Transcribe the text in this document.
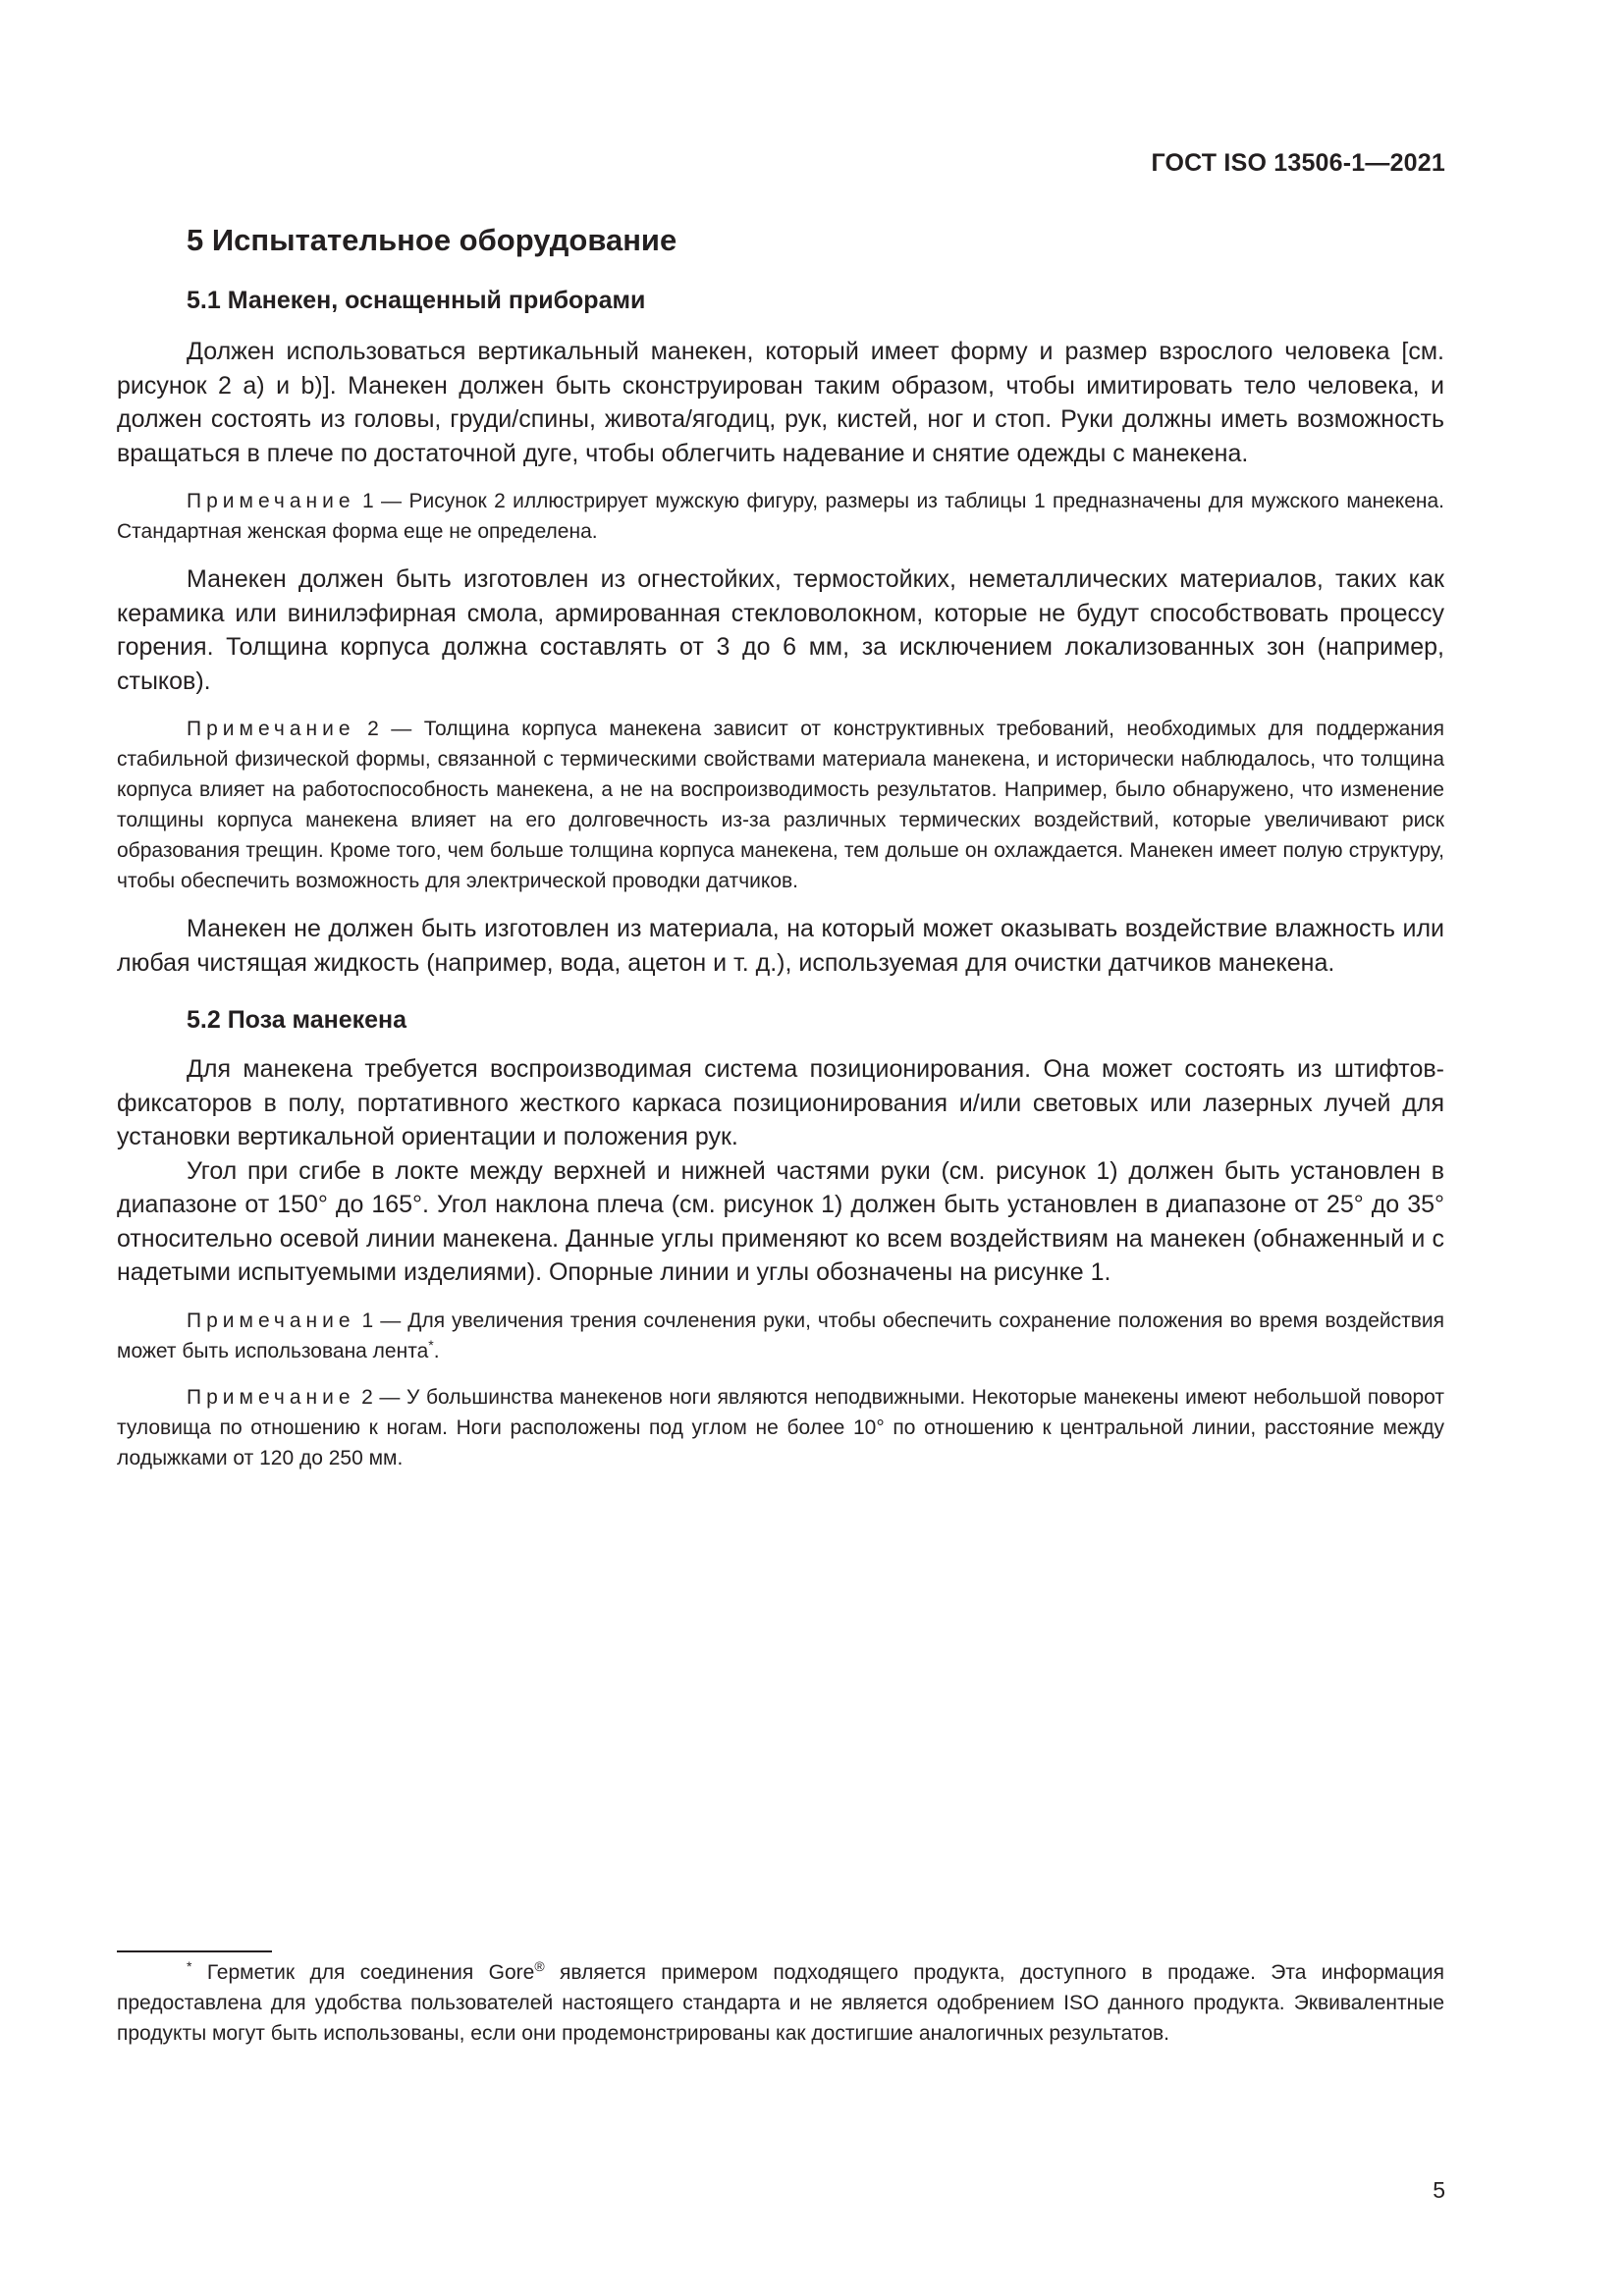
ГОСТ ISO 13506-1—2021
5 Испытательное оборудование
5.1 Манекен, оснащенный приборами

Должен использоваться вертикальный манекен, который имеет форму и размер взрослого человека [см. рисунок 2 a) и b)]. Манекен должен быть сконструирован таким образом, чтобы имитировать тело человека, и должен состоять из головы, груди/спины, живота/ягодиц, рук, кистей, ног и стоп. Руки должны иметь возможность вращаться в плече по достаточной дуге, чтобы облегчить надевание и снятие одежды с манекена.

Примечание 1 — Рисунок 2 иллюстрирует мужскую фигуру, размеры из таблицы 1 предназначены для мужского манекена. Стандартная женская форма еще не определена.

Манекен должен быть изготовлен из огнестойких, термостойких, неметаллических материалов, таких как керамика или винилэфирная смола, армированная стекловолокном, которые не будут способствовать процессу горения. Толщина корпуса должна составлять от 3 до 6 мм, за исключением локализованных зон (например, стыков).

Примечание 2 — Толщина корпуса манекена зависит от конструктивных требований, необходимых для поддержания стабильной физической формы, связанной с термическими свойствами материала манекена, и исторически наблюдалось, что толщина корпуса влияет на работоспособность манекена, а не на воспроизводимость результатов. Например, было обнаружено, что изменение толщины корпуса манекена влияет на его долговечность из-за различных термических воздействий, которые увеличивают риск образования трещин. Кроме того, чем больше толщина корпуса манекена, тем дольше он охлаждается. Манекен имеет полую структуру, чтобы обеспечить возможность для электрической проводки датчиков.

Манекен не должен быть изготовлен из материала, на который может оказывать воздействие влажность или любая чистящая жидкость (например, вода, ацетон и т. д.), используемая для очистки датчиков манекена.

5.2 Поза манекена

Для манекена требуется воспроизводимая система позиционирования. Она может состоять из штифтов-фиксаторов в полу, портативного жесткого каркаса позиционирования и/или световых или лазерных лучей для установки вертикальной ориентации и положения рук.

Угол при сгибе в локте между верхней и нижней частями руки (см. рисунок 1) должен быть установлен в диапазоне от 150° до 165°. Угол наклона плеча (см. рисунок 1) должен быть установлен в диапазоне от 25° до 35° относительно осевой линии манекена. Данные углы применяют ко всем воздействиям на манекен (обнаженный и с надетыми испытуемыми изделиями). Опорные линии и углы обозначены на рисунке 1.

Примечание 1 — Для увеличения трения сочленения руки, чтобы обеспечить сохранение положения во время воздействия может быть использована лента*.

Примечание 2 — У большинства манекенов ноги являются неподвижными. Некоторые манекены имеют небольшой поворот туловища по отношению к ногам. Ноги расположены под углом не более 10° по отношению к центральной линии, расстояние между лодыжками от 120 до 250 мм.

* Герметик для соединения Gore® является примером подходящего продукта, доступного в продаже. Эта информация предоставлена для удобства пользователей настоящего стандарта и не является одобрением ISO данного продукта. Эквивалентные продукты могут быть использованы, если они продемонстрированы как достигшие аналогичных результатов.
5
